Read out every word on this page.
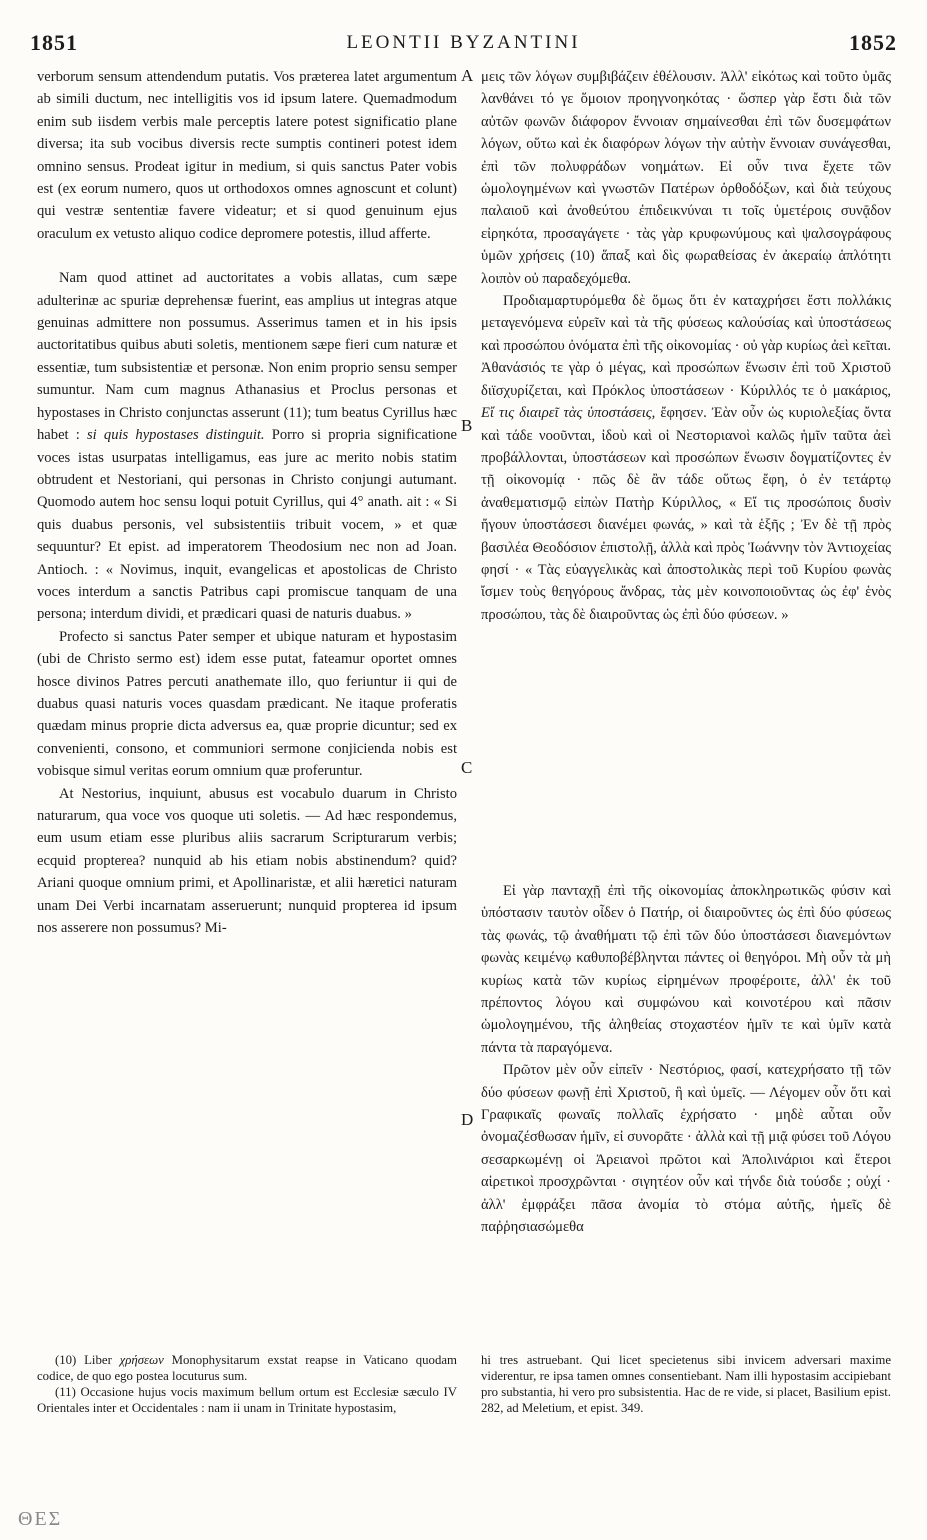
1851	LEONTII BYZANTINI	1852
A
B
C
D

verborum sensum attendendum putatis. Vos præterea latet argumentum ab simili ductum, nec intelligitis vos id ipsum latere. Quemadmodum enim sub iisdem verbis male perceptis latere potest significatio plane diversa; ita sub vocibus diversis recte sumptis contineri potest idem omnino sensus. Prodeat igitur in medium, si quis sanctus Pater vobis est (ex eorum numero, quos ut orthodoxos omnes agnoscunt et colunt) qui vestræ sententiæ favere videatur; et si quod genuinum ejus oraculum ex vetusto aliquo codice depromere potestis, illud afferte.

Nam quod attinet ad auctoritates a vobis allatas, cum sæpe adulterinæ ac spuriæ deprehensæ fuerint, eas amplius ut integras atque genuinas admittere non possumus. Asserimus tamen et in his ipsis auctoritatibus quibus abuti soletis, mentionem sæpe fieri cum naturæ et essentiæ, tum subsistentiæ et personæ. Non enim proprio sensu semper sumuntur. Nam cum magnus Athanasius et Proclus personas et hypostases in Christo conjunctas asserunt (11); tum beatus Cyrillus hæc habet : si quis hypostases distinguit. Porro si propria significatione voces istas usurpatas intelligamus, eas jure ac merito nobis statim obtrudent et Nestoriani, qui personas in Christo conjungi autumant. Quomodo autem hoc sensu loqui potuit Cyrillus, qui 4° anath. ait : « Si quis duabus personis, vel subsistentiis tribuit vocem, » et quæ sequuntur? Et epist. ad imperatorem Theodosium nec non ad Joan. Antioch. : « Novimus, inquit, evangelicas et apostolicas de Christo voces interdum a sanctis Patribus capi promiscue tanquam de una persona; interdum dividi, et prædicari quasi de naturis duabus. »

Profecto si sanctus Pater semper et ubique naturam et hypostasim (ubi de Christo sermo est) idem esse putat, fateamur oportet omnes hosce divinos Patres percuti anathemate illo, quo feriuntur ii qui de duabus quasi naturis voces quasdam prædicant. Ne itaque proferatis quædam minus proprie dicta adversus ea, quæ proprie dicuntur; sed ex convenienti, consono, et communiori sermone conjicienda nobis est vobisque simul veritas eorum omnium quæ proferuntur.

At Nestorius, inquiunt, abusus est vocabulo duarum in Christo naturarum, qua voce vos quoque uti soletis. — Ad hæc respondemus, eum usum etiam esse pluribus aliis sacrarum Scripturarum verbis; ecquid propterea? nunquid ab his etiam nobis abstinendum? quid? Ariani quoque omnium primi, et Apollinaristæ, et alii hæretici naturam unam Dei Verbi incarnatam asseruerunt; nunquid propterea id ipsum nos asserere non possumus? Mi-

μεις τῶν λόγων συμβιβάζειν ἐθέλουσιν. Ἀλλ' εἰκότως καὶ τοῦτο ὑμᾶς λανθάνει τό γε ὅμοιον προηγνοηκότας · ὥσπερ γὰρ ἔστι διὰ τῶν αὐτῶν φωνῶν διάφορον ἔννοιαν σημαίνεσθαι ἐπὶ τῶν δυσεμφάτων λόγων, οὕτω καὶ ἐκ διαφόρων λόγων τὴν αὐτὴν ἔννοιαν συνάγεσθαι, ἐπὶ τῶν πολυφράδων νοημάτων. Εἰ οὖν τινα ἔχετε τῶν ὡμολογημένων καὶ γνωστῶν Πατέρων ὀρθοδόξων, καὶ διὰ τεύχους παλαιοῦ καὶ ἀνοθεύτου ἐπιδεικνύναι τι τοῖς ὑμετέροις συνᾷδον εἰρηκότα, προσαγάγετε · τὰς γὰρ κρυφωνύμους καὶ ψαλσογράφους ὑμῶν χρήσεις (10) ἅπαξ καὶ δὶς φωραθείσας ἐν ἀκεραίῳ ἁπλότητι λοιπὸν οὐ παραδεχόμεθα.

Προδιαμαρτυρόμεθα δὲ ὅμως ὅτι ἐν καταχρήσει ἔστι πολλάκις μεταγενόμενα εὑρεῖν καὶ τὰ τῆς φύσεως καλούσίας καὶ ὑποστάσεως καὶ προσώπου ὀνόματα ἐπὶ τῆς οἰκονομίας · οὐ γὰρ κυρίως ἀεὶ κεῖται. Ἀθανάσιός τε γὰρ ὁ μέγας, καὶ προσώπων ἕνωσιν ἐπὶ τοῦ Χριστοῦ διϊσχυρίζεται, καὶ Πρόκλος ὑποστάσεων · Κύριλλός τε ὁ μακάριος, Εἴ τις διαιρεῖ τὰς ὑποστάσεις, ἔφησεν. Ἐὰν οὖν ὡς κυριολεξίας ὄντα καὶ τάδε νοοῦνται, ἰδοὺ καὶ οἱ Νεστοριανοὶ καλῶς ἡμῖν ταῦτα ἀεὶ προβάλλονται, ὑποστάσεων καὶ προσώπων ἕνωσιν δογματίζοντες ἐν τῇ οἰκονομίᾳ · πῶς δὲ ἂν τάδε οὕτως ἔφη, ὁ ἐν τετάρτῳ ἀναθεματισμῷ εἰπὼν Πατὴρ Κύριλλος, « Εἴ τις προσώποις δυσὶν ἤγουν ὑποστάσεσι διανέμει φωνάς, » καὶ τὰ ἑξῆς ; Ἐν δὲ τῇ πρὸς βασιλέα Θεοδόσιον ἐπιστολῇ, ἀλλὰ καὶ πρὸς Ἰωάννην τὸν Ἀντιοχείας φησί · « Τὰς εὐαγγελικὰς καὶ ἀποστολικὰς περὶ τοῦ Κυρίου φωνὰς ἴσμεν τοὺς θεηγόρους ἄνδρας, τὰς μὲν κοινοποιοῦντας ὡς ἐφ' ἑνὸς προσώπου, τὰς δὲ διαιροῦντας ὡς ἐπὶ δύο φύσεων. »

Εἰ γὰρ πανταχῇ ἐπὶ τῆς οἰκονομίας ἀποκληρωτικῶς φύσιν καὶ ὑπόστασιν ταυτὸν οἶδεν ὁ Πατήρ, οἱ διαιροῦντες ὡς ἐπὶ δύο φύσεως τὰς φωνάς, τῷ ἀναθήματι τῷ ἐπὶ τῶν δύο ὑποστάσεσι διανεμόντων φωνὰς κειμένῳ καθυποβέβληνται πάντες οἱ θεηγόροι. Μὴ οὖν τὰ μὴ κυρίως κατὰ τῶν κυρίως εἰρημένων προφέροιτε, ἀλλ' ἐκ τοῦ πρέποντος λόγου καὶ συμφώνου καὶ κοινοτέρου καὶ πᾶσιν ὡμολογημένου, τῆς ἀληθείας στοχαστέον ἡμῖν τε καὶ ὑμῖν κατὰ πάντα τὰ παραγόμενα.

Πρῶτον μὲν οὖν εἰπεῖν · Νεστόριος, φασί, κατεχρήσατο τῇ τῶν δύο φύσεων φωνῇ ἐπὶ Χριστοῦ, ἣ καὶ ὑμεῖς. — Λέγομεν οὖν ὅτι καὶ Γραφικαῖς φωναῖς πολλαῖς ἐχρήσατο · μηδὲ αὗται οὖν ὀνομαζέσθωσαν ἡμῖν, εἰ συνορᾶτε · ἀλλὰ καὶ τῇ μιᾷ φύσει τοῦ Λόγου σεσαρκωμένῃ οἱ Ἀρειανοὶ πρῶτοι καὶ Ἀπολινάριοι καὶ ἕτεροι αἱρετικοὶ προσχρῶνται · σιγητέον οὖν καὶ τήνδε διὰ τούσδε ; οὐχί · ἀλλ' ἐμφράξει πᾶσα ἀνομία τὸ στόμα αὐτῆς, ἡμεῖς δὲ παῤῥησιασώμεθα

(10) Liber χρήσεων Monophysitarum exstat reapse in Vaticano quodam codice, de quo ego postea locuturus sum.

(11) Occasione hujus vocis maximum bellum ortum est Ecclesiæ sæculo IV Orientales inter et Occidentales : nam ii unam in Trinitate hypostasim,

hi tres astruebant. Qui licet specietenus sibi invicem adversari maxime viderentur, re ipsa tamen omnes consentiebant. Nam illi hypostasim accipiebant pro substantia, hi vero pro subsistentia. Hac de re vide, si placet, Basilium epist. 282, ad Meletium, et epist. 349.

ΘΕΣ
